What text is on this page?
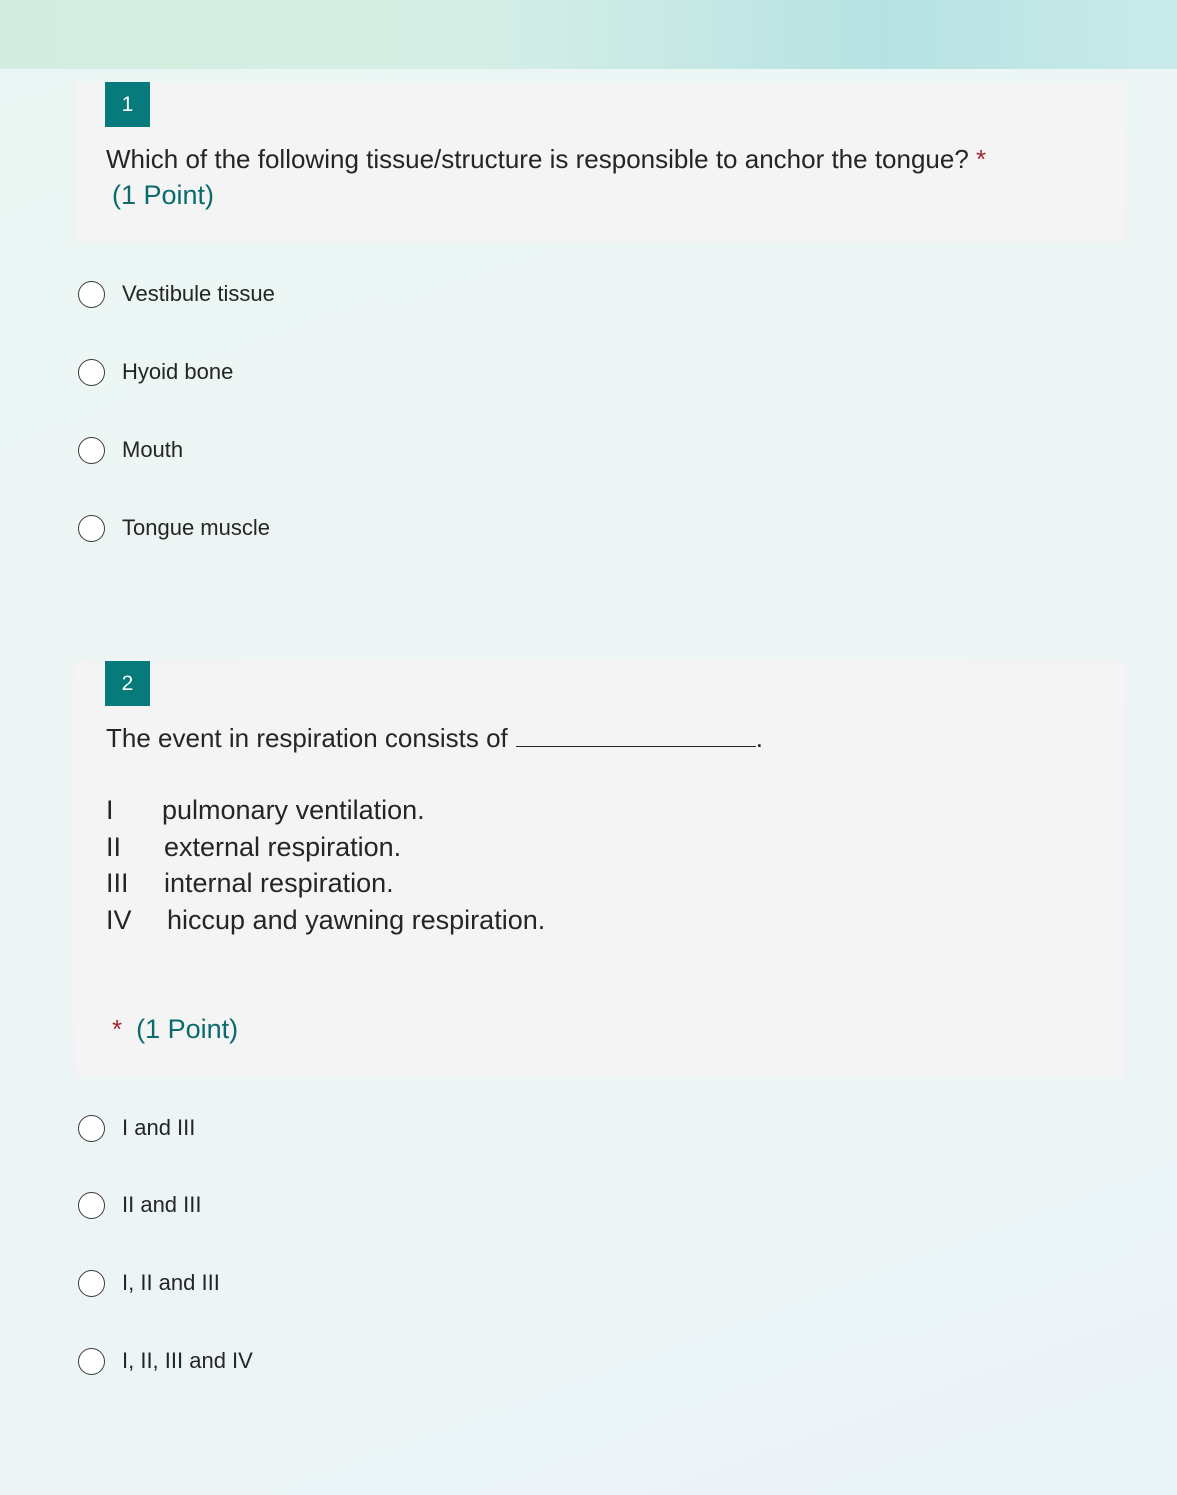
1
Which of the following tissue/structure is responsible to anchor the tongue? *
(1 Point)
Vestibule tissue
Hyoid bone
Mouth
Tongue muscle
2
The event in respiration consists of	.
I pulmonary ventilation.
II external respiration.
III internal respiration.
IV hiccup and yawning respiration.
* (1 Point)
I and III
II and III
I, II and III
I, II, III and IV
